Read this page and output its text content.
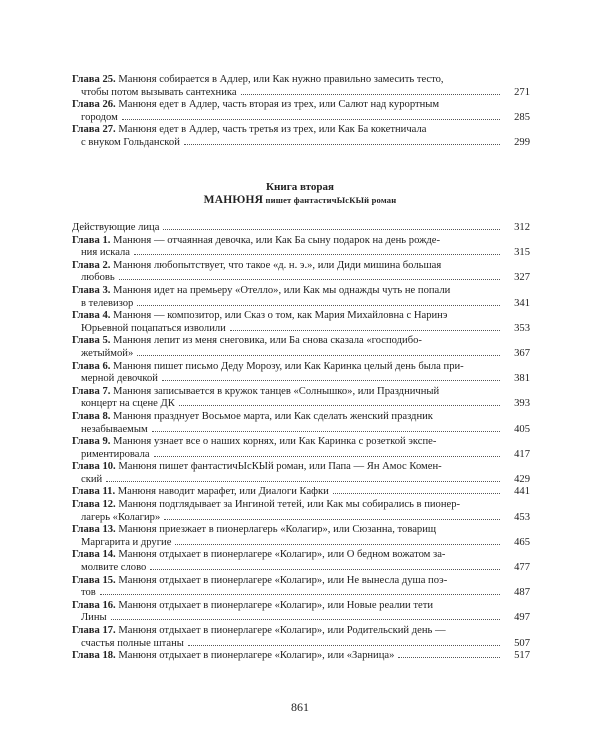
Глава 25. Манюня собирается в Адлер, или Как нужно правильно замесить тесто,
чтобы потом вызывать сантехника	271
Глава 26. Манюня едет в Адлер, часть вторая из трех, или Салют над курортным
городом	285
Глава 27. Манюня едет в Адлер, часть третья из трех, или Как Ба кокетничала
с внуком Гольданской	299
Книга вторая
МАНЮНЯ пишет фантастичЫсКЫй роман
Действующие лица	312
Глава 1. Манюня — отчаянная девочка, или Как Ба сыну подарок на день рожде-
ния искала	315
Глава 2. Манюня любопытствует, что такое «д. н. э.», или Диди мишина большая
любовь	327
Глава 3. Манюня идет на премьеру «Отелло», или Как мы однажды чуть не попали
в телевизор	341
Глава 4. Манюня — композитор, или Сказ о том, как Мария Михайловна с Наринэ
Юрьевной поцапаться изволили	353
Глава 5. Манюня лепит из меня снеговика, или Ба снова сказала «господибо-
жетыймой»	367
Глава 6. Манюня пишет письмо Деду Морозу, или Как Каринка целый день была при-
мерной девочкой	381
Глава 7. Манюня записывается в кружок танцев «Солнышко», или Праздничный
концерт на сцене ДК	393
Глава 8. Манюня празднует Восьмое марта, или Как сделать женский праздник
незабываемым	405
Глава 9. Манюня узнает все о наших корнях, или Как Каринка с розеткой экспе-
риментировала	417
Глава 10. Манюня пишет фантастичЫсКЫй роман, или Папа — Ян Амос Комен-
ский	429
Глава 11. Манюня наводит марафет, или Диалоги Кафки	441
Глава 12. Манюня подглядывает за Ингиной тетей, или Как мы собирались в пионер-
лагерь «Колагир»	453
Глава 13. Манюня приезжает в пионерлагерь «Колагир», или Сюзанна, товарищ
Маргарита и другие	465
Глава 14. Манюня отдыхает в пионерлагере «Колагир», или О бедном вожатом за-
молвите слово	477
Глава 15. Манюня отдыхает в пионерлагере «Колагир», или Не вынесла душа поэ-
тов	487
Глава 16. Манюня отдыхает в пионерлагере «Колагир», или Новые реалии тети
Лины	497
Глава 17. Манюня отдыхает в пионерлагере «Колагир», или Родительский день —
счастья полные штаны	507
Глава 18. Манюня отдыхает в пионерлагере «Колагир», или «Зарница»	517
861
